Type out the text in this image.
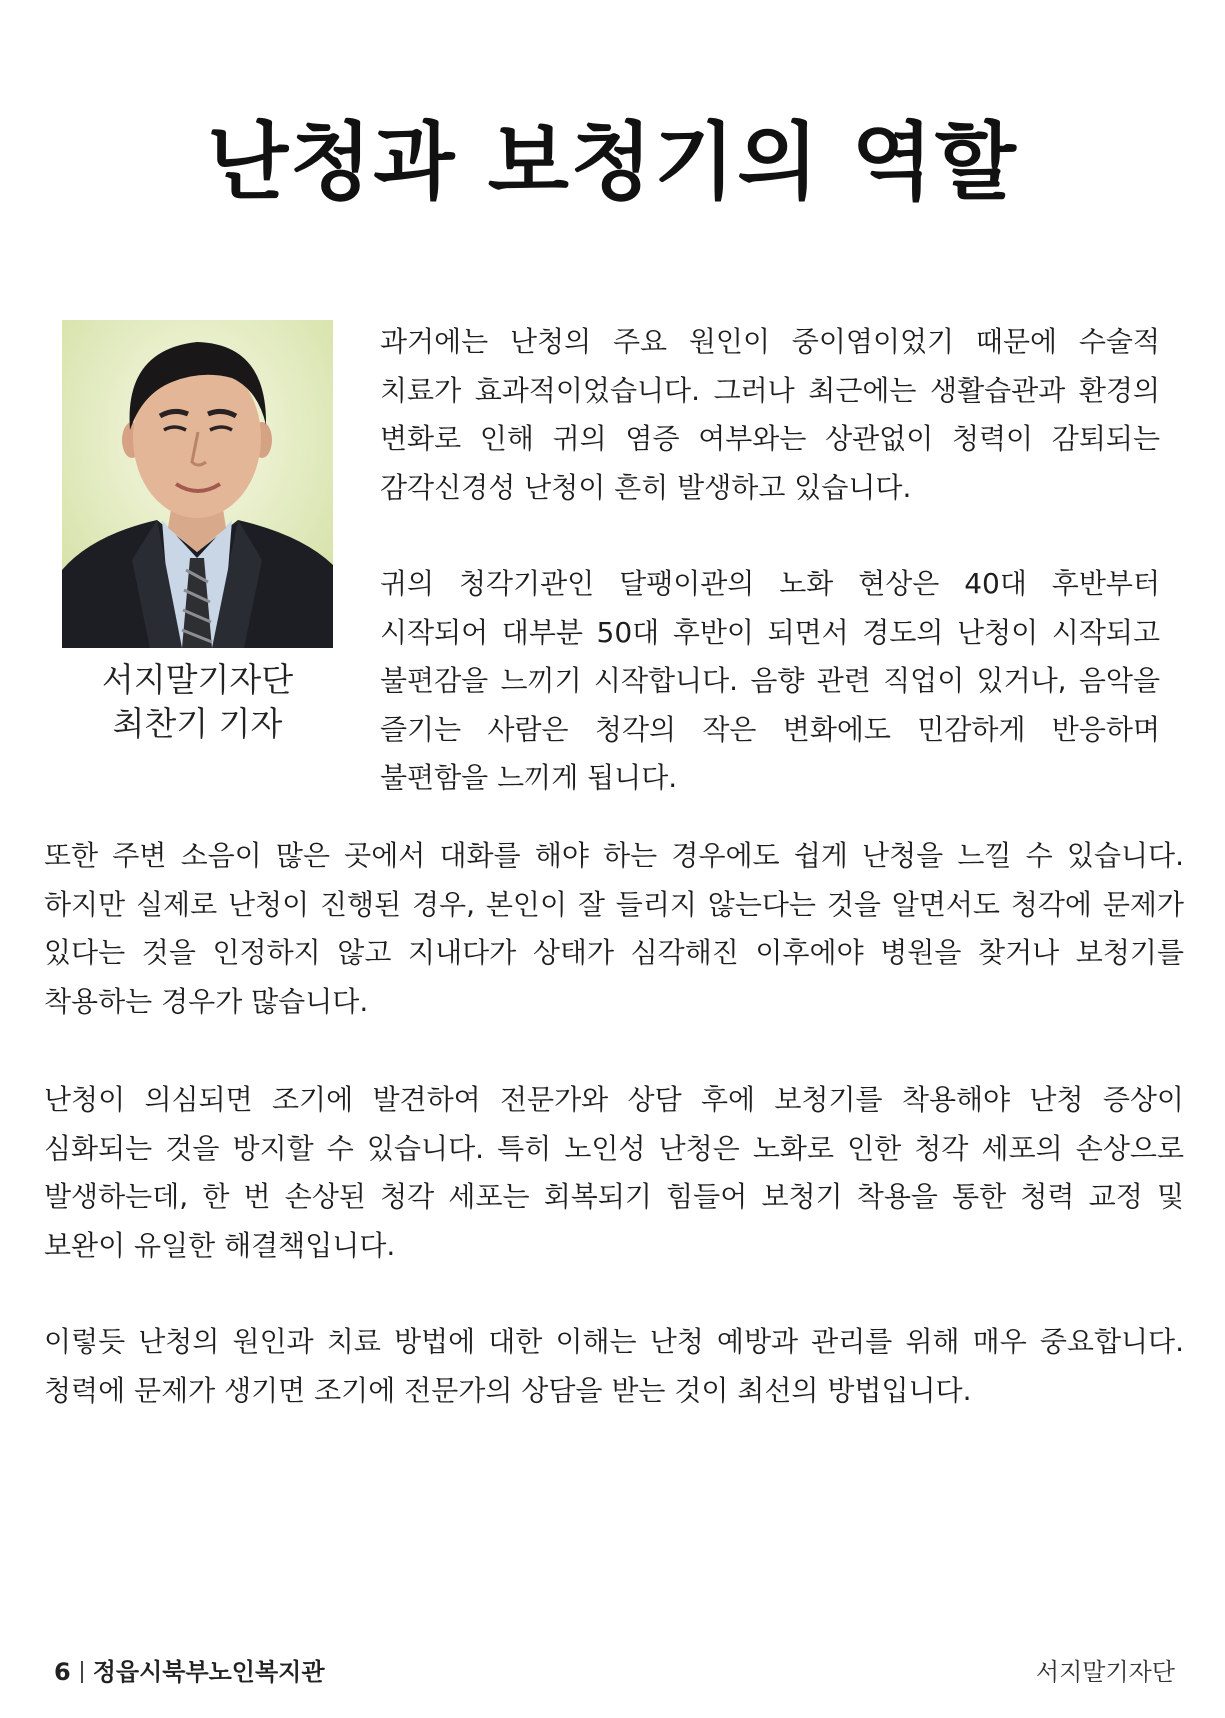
난청과 보청기의 역할
서지말기자단
최찬기 기자

과거에는 난청의 주요 원인이 중이염이었기 때문에 수술적 치료가 효과적이었습니다. 그러나 최근에는 생활습관과 환경의 변화로 인해 귀의 염증 여부와는 상관없이 청력이 감퇴되는 감각신경성 난청이 흔히 발생하고 있습니다.

귀의 청각기관인 달팽이관의 노화 현상은 40대 후반부터 시작되어 대부분 50대 후반이 되면서 경도의 난청이 시작되고 불편감을 느끼기 시작합니다. 음향 관련 직업이 있거나, 음악을 즐기는 사람은 청각의 작은 변화에도 민감하게 반응하며 불편함을 느끼게 됩니다.

또한 주변 소음이 많은 곳에서 대화를 해야 하는 경우에도 쉽게 난청을 느낄 수 있습니다. 하지만 실제로 난청이 진행된 경우, 본인이 잘 들리지 않는다는 것을 알면서도 청각에 문제가 있다는 것을 인정하지 않고 지내다가 상태가 심각해진 이후에야 병원을 찾거나 보청기를 착용하는 경우가 많습니다.

난청이 의심되면 조기에 발견하여 전문가와 상담 후에 보청기를 착용해야 난청 증상이 심화되는 것을 방지할 수 있습니다. 특히 노인성 난청은 노화로 인한 청각 세포의 손상으로 발생하는데, 한 번 손상된 청각 세포는 회복되기 힘들어 보청기 착용을 통한 청력 교정 및 보완이 유일한 해결책입니다.

이렇듯 난청의 원인과 치료 방법에 대한 이해는 난청 예방과 관리를 위해 매우 중요합니다. 청력에 문제가 생기면 조기에 전문가의 상담을 받는 것이 최선의 방법입니다.

6 정읍시북부노인복지관	서지말기자단
